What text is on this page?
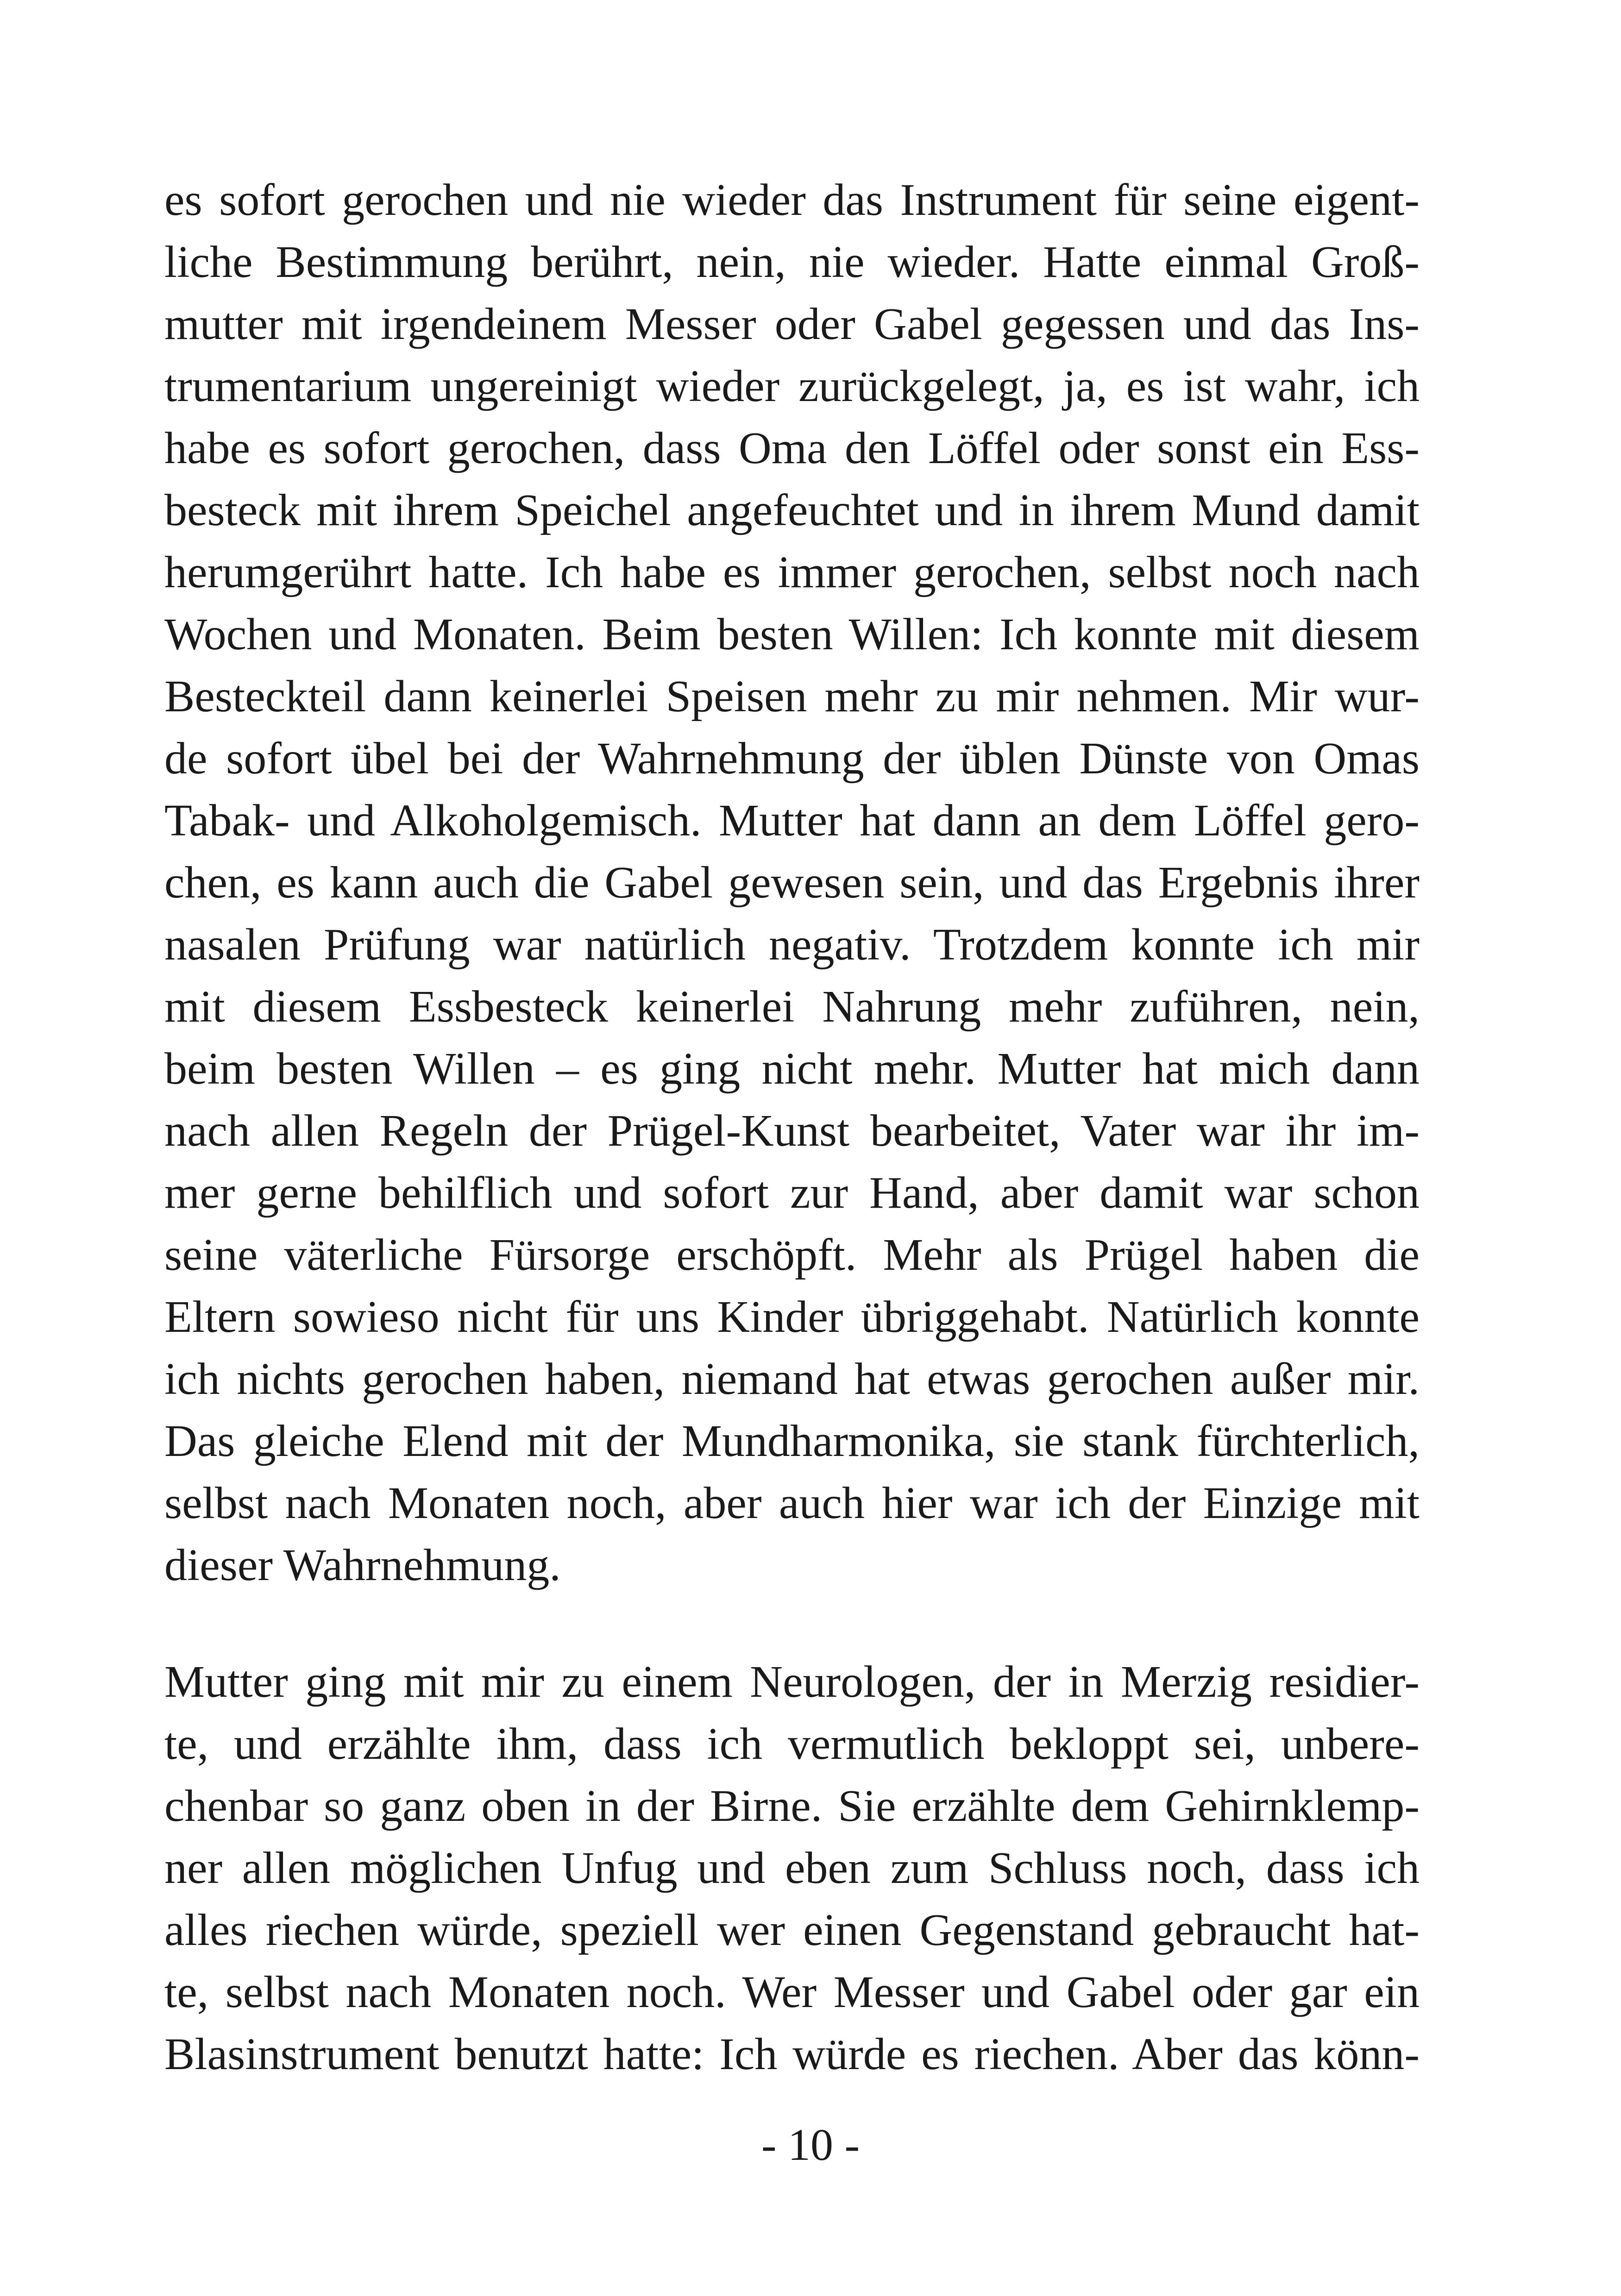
es sofort gerochen und nie wieder das Instrument für seine eigent-
liche Bestimmung berührt, nein, nie wieder. Hatte einmal Groß-
mutter mit irgendeinem Messer oder Gabel gegessen und das Ins-
trumentarium ungereinigt wieder zurückgelegt, ja, es ist wahr, ich
habe es sofort gerochen, dass Oma den Löffel oder sonst ein Ess-
besteck mit ihrem Speichel angefeuchtet und in ihrem Mund damit
herumgerührt hatte. Ich habe es immer gerochen, selbst noch nach
Wochen und Monaten. Beim besten Willen: Ich konnte mit diesem
Besteckteil dann keinerlei Speisen mehr zu mir nehmen. Mir wur-
de sofort übel bei der Wahrnehmung der üblen Dünste von Omas
Tabak- und Alkoholgemisch. Mutter hat dann an dem Löffel gero-
chen, es kann auch die Gabel gewesen sein, und das Ergebnis ihrer
nasalen Prüfung war natürlich negativ. Trotzdem konnte ich mir
mit diesem Essbesteck keinerlei Nahrung mehr zuführen, nein,
beim besten Willen – es ging nicht mehr. Mutter hat mich dann
nach allen Regeln der Prügel-Kunst bearbeitet, Vater war ihr im-
mer gerne behilflich und sofort zur Hand, aber damit war schon
seine väterliche Fürsorge erschöpft. Mehr als Prügel haben die
Eltern sowieso nicht für uns Kinder übriggehabt. Natürlich konnte
ich nichts gerochen haben, niemand hat etwas gerochen außer mir.
Das gleiche Elend mit der Mundharmonika, sie stank fürchterlich,
selbst nach Monaten noch, aber auch hier war ich der Einzige mit
dieser Wahrnehmung.
Mutter ging mit mir zu einem Neurologen, der in Merzig residier-
te, und erzählte ihm, dass ich vermutlich bekloppt sei, unbere-
chenbar so ganz oben in der Birne. Sie erzählte dem Gehirnklemp-
ner allen möglichen Unfug und eben zum Schluss noch, dass ich
alles riechen würde, speziell wer einen Gegenstand gebraucht hat-
te, selbst nach Monaten noch. Wer Messer und Gabel oder gar ein
Blasinstrument benutzt hatte: Ich würde es riechen. Aber das könn-
- 10 -
